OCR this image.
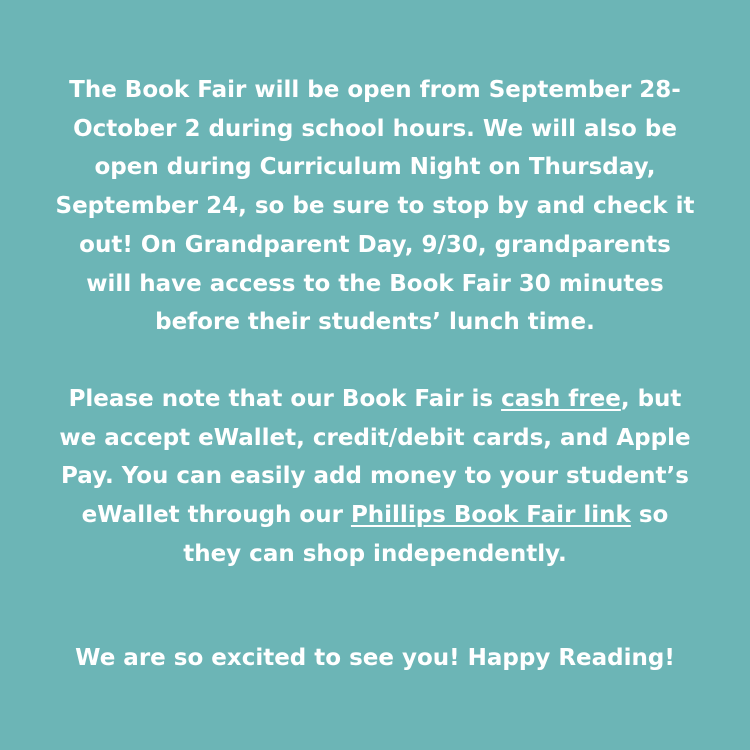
The Book Fair will be open from September 28-
October 2 during school hours. We will also be
open during Curriculum Night on Thursday,
September 24, so be sure to stop by and check it
out! On Grandparent Day, 9/30, grandparents
will have access to the Book Fair 30 minutes
before their students’ lunch time.

Please note that our Book Fair is cash free, but
we accept eWallet, credit/debit cards, and Apple
Pay. You can easily add money to your student’s
eWallet through our Phillips Book Fair link so
they can shop independently.

We are so excited to see you! Happy Reading!
